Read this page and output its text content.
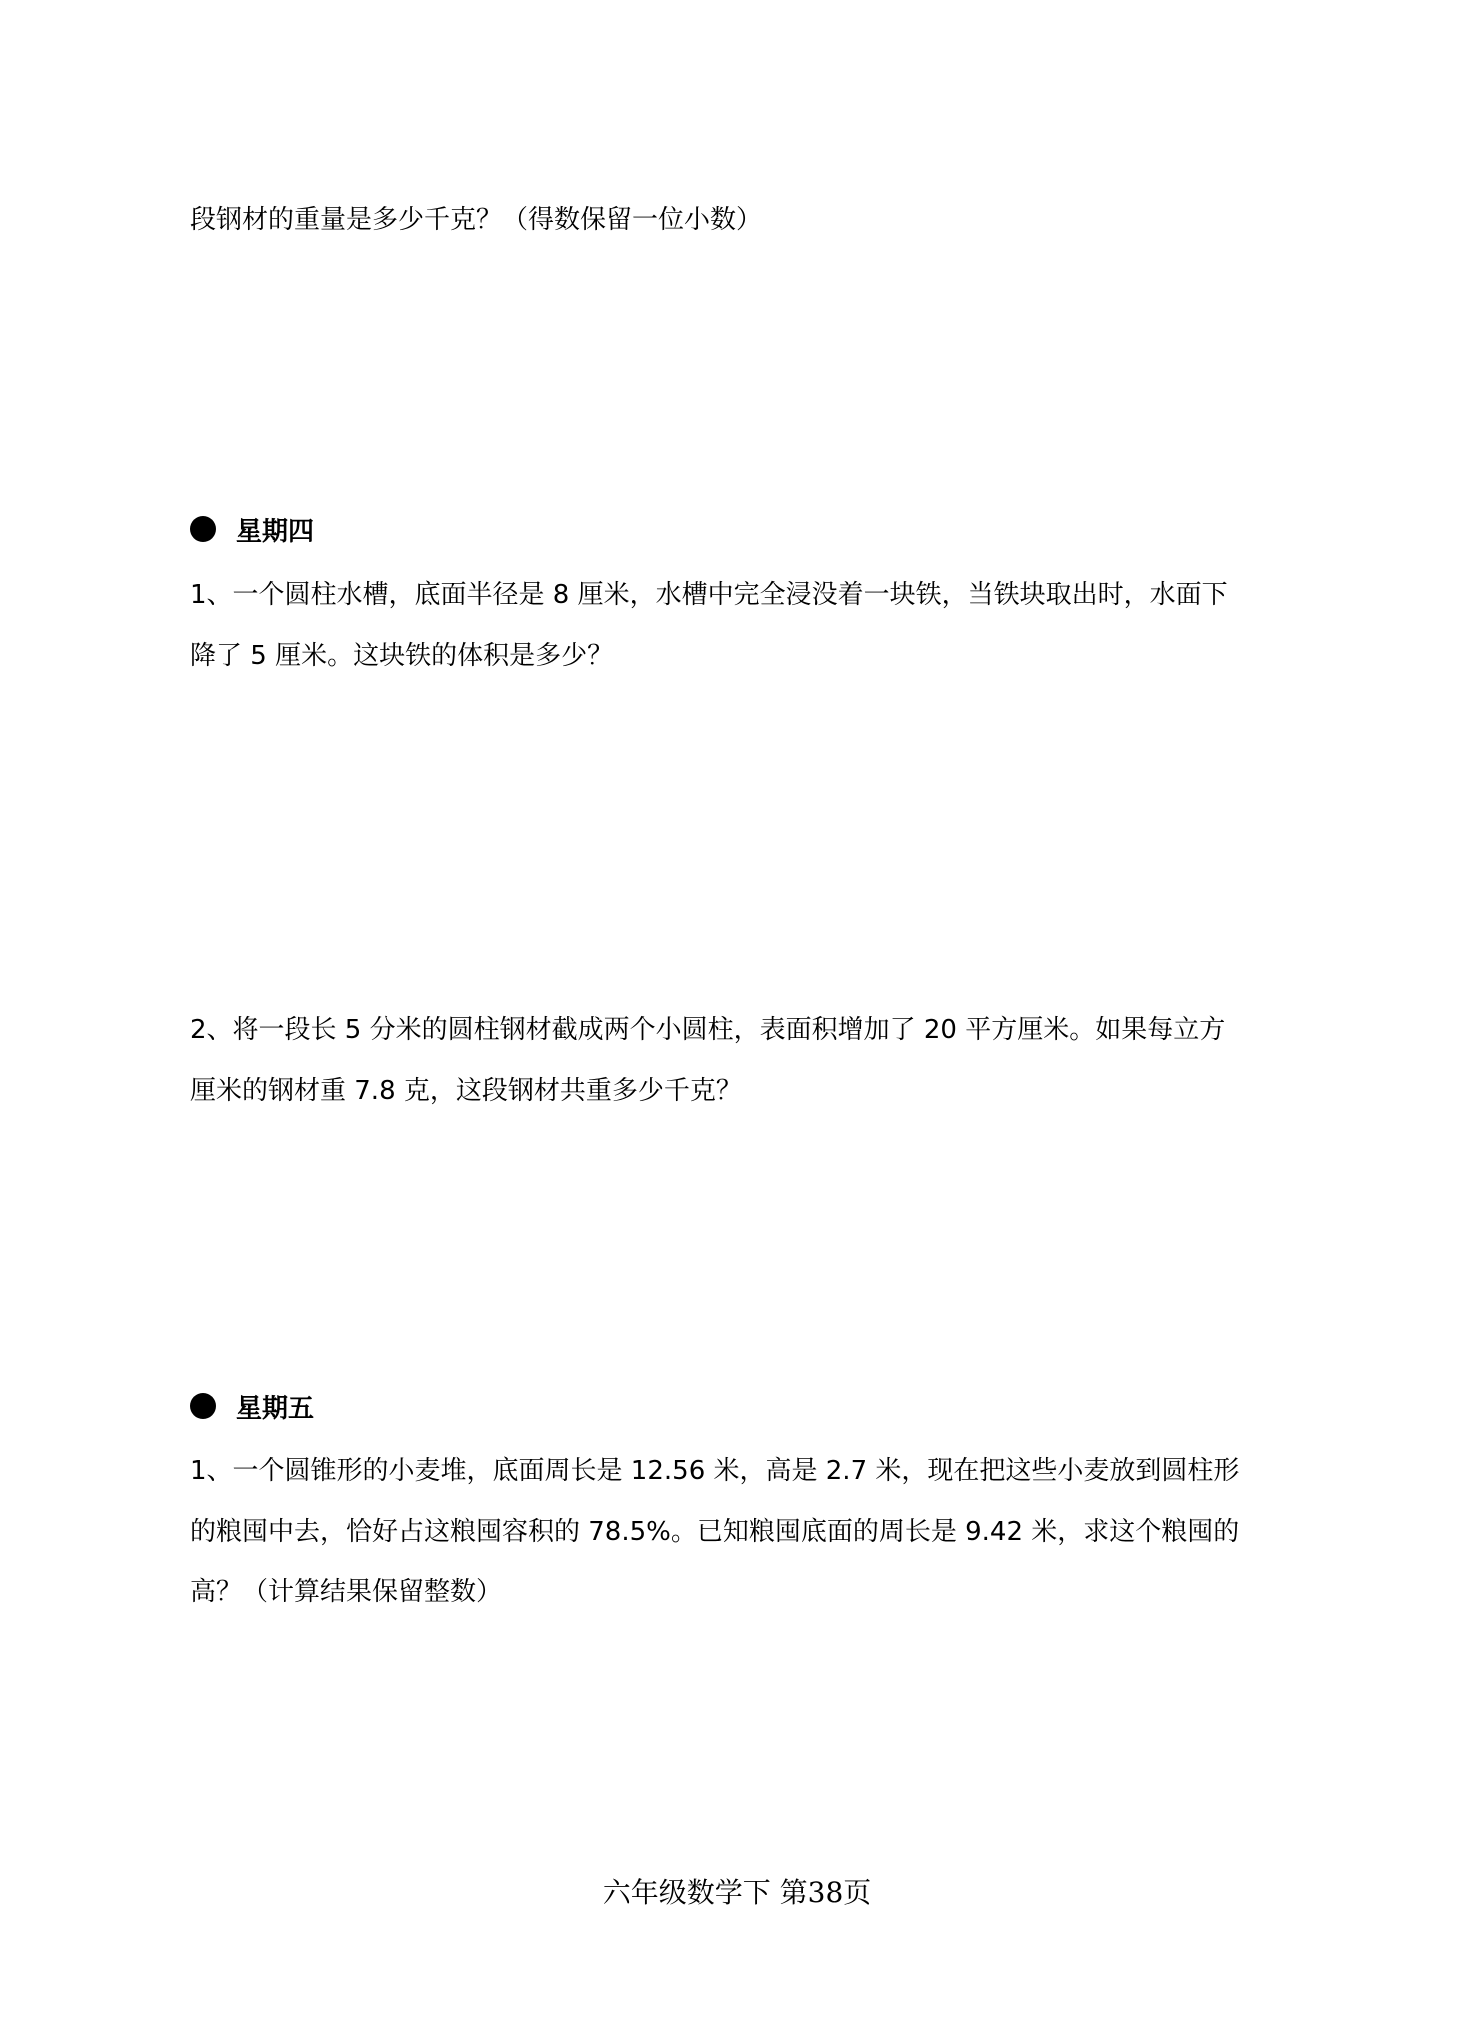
段钢材的重量是多少千克？（得数保留一位小数）
星期四
1、一个圆柱水槽，底面半径是 8 厘米，水槽中完全浸没着一块铁，当铁块取出时，水面下
降了 5 厘米。这块铁的体积是多少？
2、将一段长 5 分米的圆柱钢材截成两个小圆柱，表面积增加了 20 平方厘米。如果每立方
厘米的钢材重 7.8 克，这段钢材共重多少千克？
星期五
1、一个圆锥形的小麦堆，底面周长是 12.56 米，高是 2.7 米，现在把这些小麦放到圆柱形
的粮囤中去，恰好占这粮囤容积的 78.5%。已知粮囤底面的周长是 9.42 米，求这个粮囤的
高？（计算结果保留整数）
六年级数学下 第38页
